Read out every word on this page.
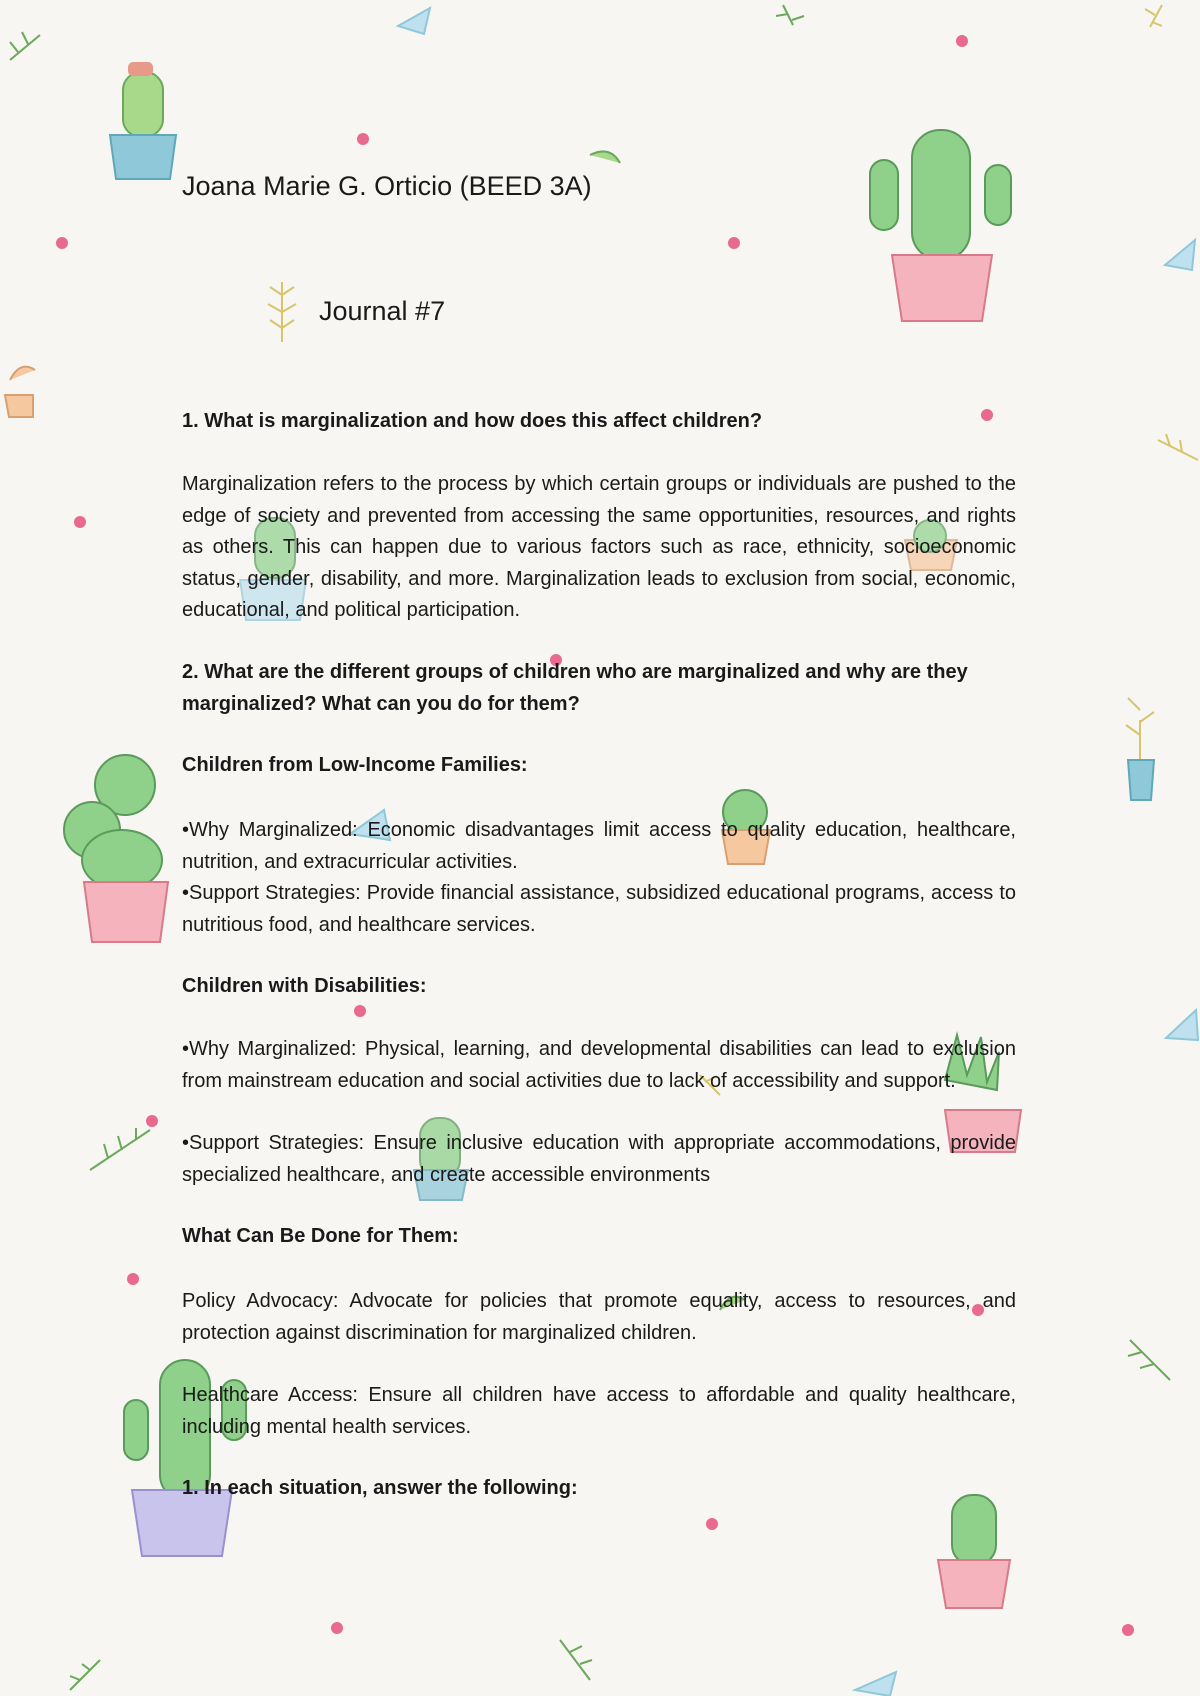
Joana Marie G. Orticio (BEED 3A)

Journal #7

1. What is marginalization and how does this affect children?

Marginalization refers to the process by which certain groups or individuals are pushed to the edge of society and prevented from accessing the same opportunities, resources, and rights as others. This can happen due to various factors such as race, ethnicity, socioeconomic status, gender, disability, and more. Marginalization leads to exclusion from social, economic, educational, and political participation.

2. What are the different groups of children who are marginalized and why are they marginalized? What can you do for them?

Children from Low-Income Families:

•Why Marginalized: Economic disadvantages limit access to quality education, healthcare, nutrition, and extracurricular activities.

•Support Strategies: Provide financial assistance, subsidized educational programs, access to nutritious food, and healthcare services.

Children with Disabilities:

•Why Marginalized: Physical, learning, and developmental disabilities can lead to exclusion from mainstream education and social activities due to lack of accessibility and support.

•Support Strategies: Ensure inclusive education with appropriate accommodations, provide specialized healthcare, and create accessible environments

What Can Be Done for Them:

Policy Advocacy: Advocate for policies that promote equality, access to resources, and protection against discrimination for marginalized children.

Healthcare Access: Ensure all children have access to affordable and quality healthcare, including mental health services.

1. In each situation, answer the following:
